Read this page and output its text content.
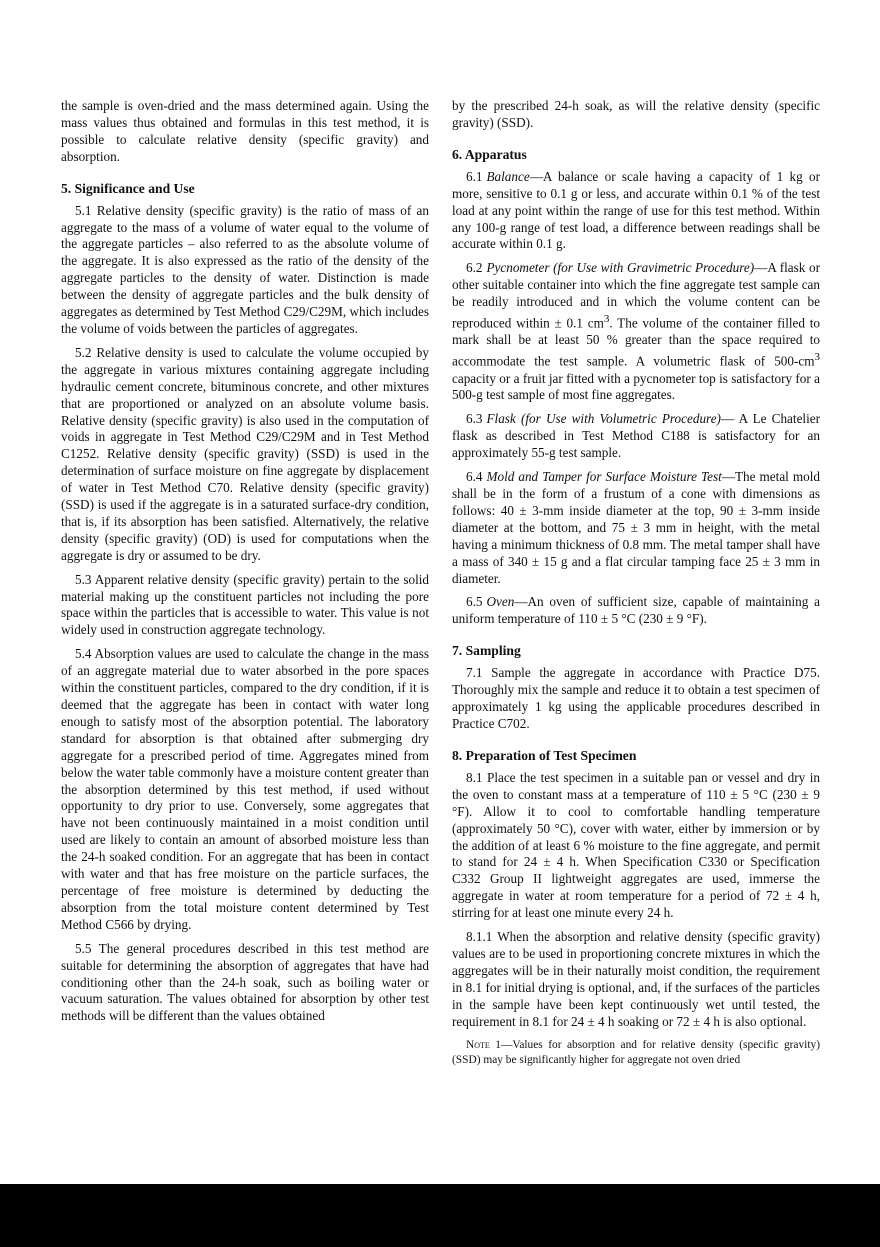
the sample is oven-dried and the mass determined again. Using the mass values thus obtained and formulas in this test method, it is possible to calculate relative density (specific gravity) and absorption.

5. Significance and Use

5.1 Relative density (specific gravity) is the ratio of mass of an aggregate to the mass of a volume of water equal to the volume of the aggregate particles – also referred to as the absolute volume of the aggregate. It is also expressed as the ratio of the density of the aggregate particles to the density of water. Distinction is made between the density of aggregate particles and the bulk density of aggregates as determined by Test Method C29/C29M, which includes the volume of voids between the particles of aggregates.

5.2 Relative density is used to calculate the volume occupied by the aggregate in various mixtures containing aggregate including hydraulic cement concrete, bituminous concrete, and other mixtures that are proportioned or analyzed on an absolute volume basis. Relative density (specific gravity) is also used in the computation of voids in aggregate in Test Method C29/C29M and in Test Method C1252. Relative density (specific gravity) (SSD) is used in the determination of surface moisture on fine aggregate by displacement of water in Test Method C70. Relative density (specific gravity) (SSD) is used if the aggregate is in a saturated surface-dry condition, that is, if its absorption has been satisfied. Alternatively, the relative density (specific gravity) (OD) is used for computations when the aggregate is dry or assumed to be dry.

5.3 Apparent relative density (specific gravity) pertain to the solid material making up the constituent particles not including the pore space within the particles that is accessible to water. This value is not widely used in construction aggregate technology.

5.4 Absorption values are used to calculate the change in the mass of an aggregate material due to water absorbed in the pore spaces within the constituent particles, compared to the dry condition, if it is deemed that the aggregate has been in contact with water long enough to satisfy most of the absorption potential. The laboratory standard for absorption is that obtained after submerging dry aggregate for a prescribed period of time. Aggregates mined from below the water table commonly have a moisture content greater than the absorption determined by this test method, if used without opportunity to dry prior to use. Conversely, some aggregates that have not been continuously maintained in a moist condition until used are likely to contain an amount of absorbed moisture less than the 24-h soaked condition. For an aggregate that has been in contact with water and that has free moisture on the particle surfaces, the percentage of free moisture is determined by deducting the absorption from the total moisture content determined by Test Method C566 by drying.

5.5 The general procedures described in this test method are suitable for determining the absorption of aggregates that have had conditioning other than the 24-h soak, such as boiling water or vacuum saturation. The values obtained for absorption by other test methods will be different than the values obtained

by the prescribed 24-h soak, as will the relative density (specific gravity) (SSD).

6. Apparatus

6.1 Balance—A balance or scale having a capacity of 1 kg or more, sensitive to 0.1 g or less, and accurate within 0.1 % of the test load at any point within the range of use for this test method. Within any 100-g range of test load, a difference between readings shall be accurate within 0.1 g.

6.2 Pycnometer (for Use with Gravimetric Procedure)—A flask or other suitable container into which the fine aggregate test sample can be readily introduced and in which the volume content can be reproduced within ± 0.1 $cm^3$. The volume of the container filled to mark shall be at least 50 % greater than the space required to accommodate the test sample. A volumetric flask of $500-cm^3$ capacity or a fruit jar fitted with a pycnometer top is satisfactory for a 500-g test sample of most fine aggregates.

6.3 Flask (for Use with Volumetric Procedure)— A Le Chatelier flask as described in Test Method C188 is satisfactory for an approximately 55-g test sample.

6.4 Mold and Tamper for Surface Moisture Test—The metal mold shall be in the form of a frustum of a cone with dimensions as follows: 40 ± 3-mm inside diameter at the top, 90 ± 3-mm inside diameter at the bottom, and 75 ± 3 mm in height, with the metal having a minimum thickness of 0.8 mm. The metal tamper shall have a mass of 340 ± 15 g and a flat circular tamping face 25 ± 3 mm in diameter.

6.5 Oven—An oven of sufficient size, capable of maintaining a uniform temperature of 110 ± 5 °C (230 ± 9 °F).

7. Sampling

7.1 Sample the aggregate in accordance with Practice D75. Thoroughly mix the sample and reduce it to obtain a test specimen of approximately 1 kg using the applicable procedures described in Practice C702.

8. Preparation of Test Specimen

8.1 Place the test specimen in a suitable pan or vessel and dry in the oven to constant mass at a temperature of 110 ± 5 °C (230 ± 9 °F). Allow it to cool to comfortable handling temperature (approximately 50 °C), cover with water, either by immersion or by the addition of at least 6 % moisture to the fine aggregate, and permit to stand for 24 ± 4 h. When Specification C330 or Specification C332 Group II lightweight aggregates are used, immerse the aggregate in water at room temperature for a period of 72 ± 4 h, stirring for at least one minute every 24 h.

8.1.1 When the absorption and relative density (specific gravity) values are to be used in proportioning concrete mixtures in which the aggregates will be in their naturally moist condition, the requirement in 8.1 for initial drying is optional, and, if the surfaces of the particles in the sample have been kept continuously wet until tested, the requirement in 8.1 for 24 ± 4 h soaking or 72 ± 4 h is also optional.

Note 1—Values for absorption and for relative density (specific gravity) (SSD) may be significantly higher for aggregate not oven dried
